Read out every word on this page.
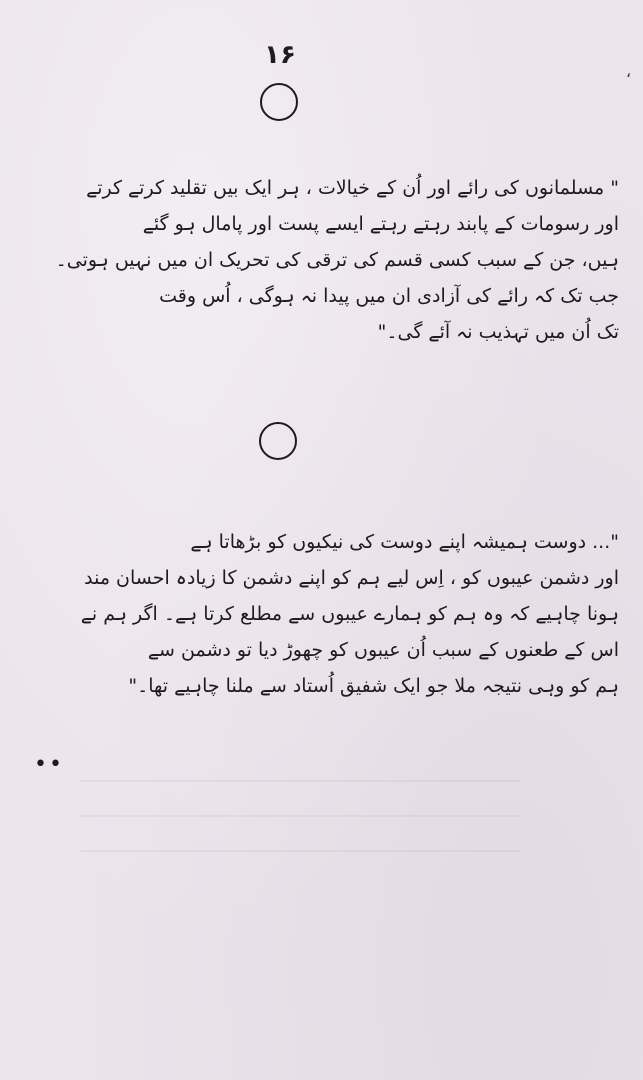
،
۱۶

" مسلمانوں کی رائے اور اُن کے خیالات ، ہر ایک بیں تقلید کرتے کرتے
اور رسومات کے پابند رہتے رہتے ایسے پست اور پامال ہو گئے
ہیں، جن کے سبب کسی قسم کی ترقی کی تحریک ان میں نہیں ہوتی۔
جب تک کہ رائے کی آزادی ان میں پیدا نہ ہوگی ، اُس وقت
تک اُن میں تہذیب نہ آئے گی۔"

"... دوست ہمیشہ اپنے دوست کی نیکیوں کو بڑھاتا ہے
اور دشمن عیبوں کو ، اِس لیے ہم کو اپنے دشمن کا زیادہ احسان مند
ہونا چاہیے کہ وہ ہم کو ہمارے عیبوں سے مطلع کرتا ہے۔ اگر ہم نے
اس کے طعنوں کے سبب اُن عیبوں کو چھوڑ دیا تو دشمن سے
ہم کو وہی نتیجہ ملا جو ایک شفیق اُستاد سے ملنا چاہیے تھا۔"

••
